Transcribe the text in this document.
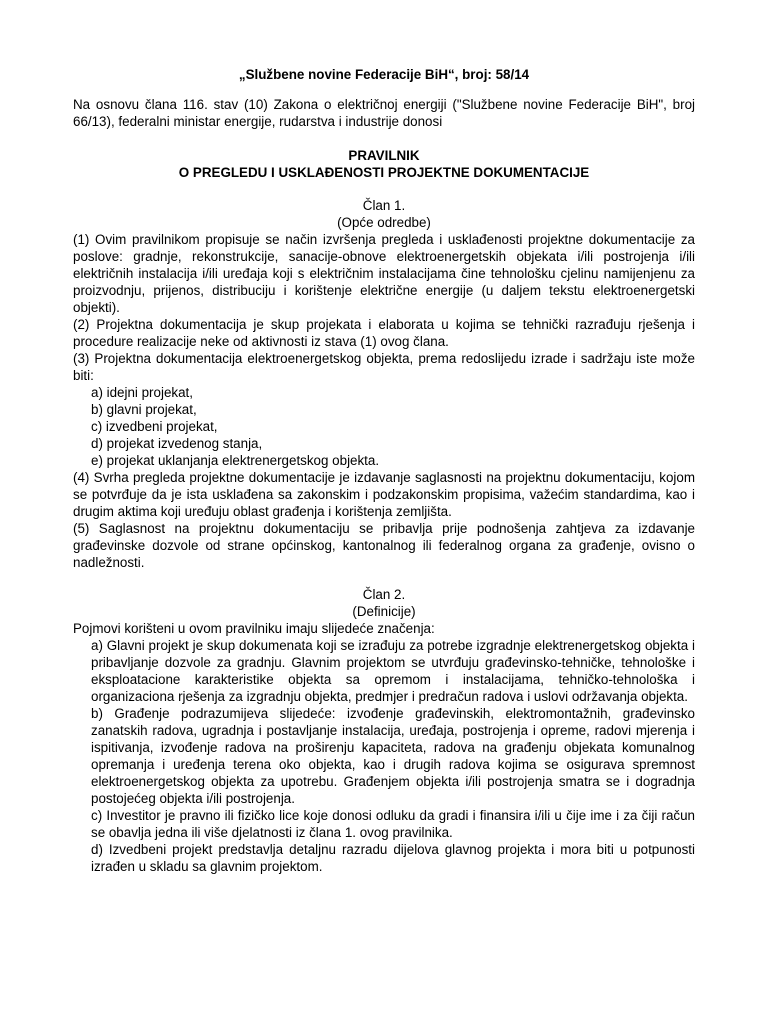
„Službene novine Federacije BiH“, broj: 58/14
Na osnovu člana 116. stav (10) Zakona o električnoj energiji ("Službene novine Federacije BiH", broj 66/13), federalni ministar energije, rudarstva i industrije donosi
PRAVILNIK
O PREGLEDU I USKLAĐENOSTI PROJEKTNE DOKUMENTACIJE
Član 1.
(Opće odredbe)
(1) Ovim pravilnikom propisuje se način izvršenja pregleda i usklađenosti projektne dokumentacije za poslove: gradnje, rekonstrukcije, sanacije-obnove elektroenergetskih objekata i/ili postrojenja i/ili električnih instalacija i/ili uređaja koji s električnim instalacijama čine tehnološku cjelinu namijenjenu za proizvodnju, prijenos, distribuciju i korištenje električne energije (u daljem tekstu elektroenergetski objekti).
(2) Projektna dokumentacija je skup projekata i elaborata u kojima se tehnički razrađuju rješenja i procedure realizacije neke od aktivnosti iz stava (1) ovog člana.
(3) Projektna dokumentacija elektroenergetskog objekta, prema redoslijedu izrade i sadržaju iste može biti:
a) idejni projekat,
b) glavni projekat,
c) izvedbeni projekat,
d) projekat izvedenog stanja,
e) projekat uklanjanja elektrenergetskog objekta.
(4) Svrha pregleda projektne dokumentacije je izdavanje saglasnosti na projektnu dokumentaciju, kojom se potvrđuje da je ista usklađena sa zakonskim i podzakonskim propisima, važećim standardima, kao i drugim aktima koji uređuju oblast građenja i korištenja zemljišta.
(5) Saglasnost na projektnu dokumentaciju se pribavlja prije podnošenja zahtjeva za izdavanje građevinske dozvole od strane općinskog, kantonalnog ili federalnog organa za građenje, ovisno o nadležnosti.
Član 2.
(Definicije)
Pojmovi korišteni u ovom pravilniku imaju slijedeće značenja:
a) Glavni projekt je skup dokumenata koji se izrađuju za potrebe izgradnje elektrenergetskog objekta i pribavljanje dozvole za gradnju. Glavnim projektom se utvrđuju građevinsko-tehničke, tehnološke i eksploatacione karakteristike objekta sa opremom i instalacijama, tehničko-tehnološka i organizaciona rješenja za izgradnju objekta, predmjer i predračun radova i uslovi održavanja objekta.
b) Građenje podrazumijeva slijedeće: izvođenje građevinskih, elektromontažnih, građevinsko zanatskih radova, ugradnja i postavljanje instalacija, uređaja, postrojenja i opreme, radovi mjerenja i ispitivanja, izvođenje radova na proširenju kapaciteta, radova na građenju objekata komunalnog opremanja i uređenja terena oko objekta, kao i drugih radova kojima se osigurava spremnost elektroenergetskog objekta za upotrebu. Građenjem objekta i/ili postrojenja smatra se i dogradnja postojećeg objekta i/ili postrojenja.
c) Investitor je pravno ili fizičko lice koje donosi odluku da gradi i finansira i/ili u čije ime i za čiji račun se obavlja jedna ili više djelatnosti iz člana 1. ovog pravilnika.
d) Izvedbeni projekt predstavlja detaljnu razradu dijelova glavnog projekta i mora biti u potpunosti izrađen u skladu sa glavnim projektom.
